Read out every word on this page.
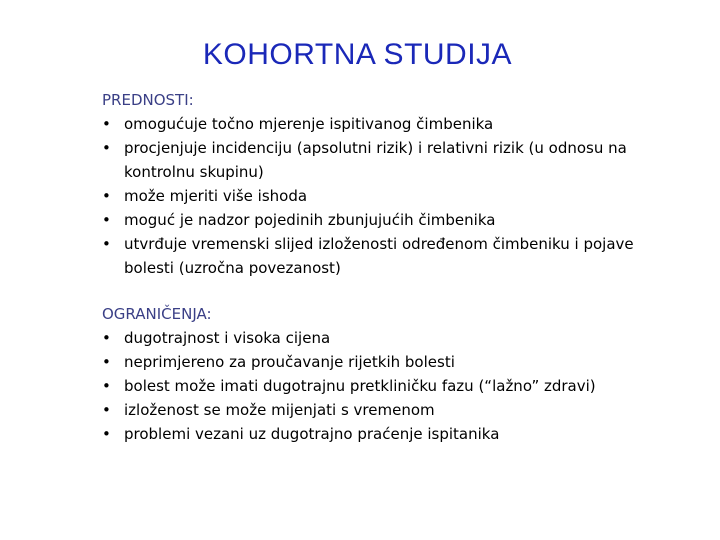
KOHORTNA STUDIJA

PREDNOSTI:

• omogućuje točno mjerenje ispitivanog čimbenika
• procjenjuje incidenciju (apsolutni rizik) i relativni rizik (u odnosu na kontrolnu skupinu)
• može mjeriti više ishoda
• moguć je nadzor pojedinih zbunjujućih čimbenika
• utvrđuje vremenski slijed izloženosti određenom čimbeniku i pojave bolesti (uzročna povezanost)

OGRANIČENJA:

• dugotrajnost i visoka cijena
• neprimjereno za proučavanje rijetkih bolesti
• bolest može imati dugotrajnu pretkliničku fazu (“lažno” zdravi)
• izloženost se može mijenjati s vremenom
• problemi vezani uz dugotrajno praćenje ispitanika
